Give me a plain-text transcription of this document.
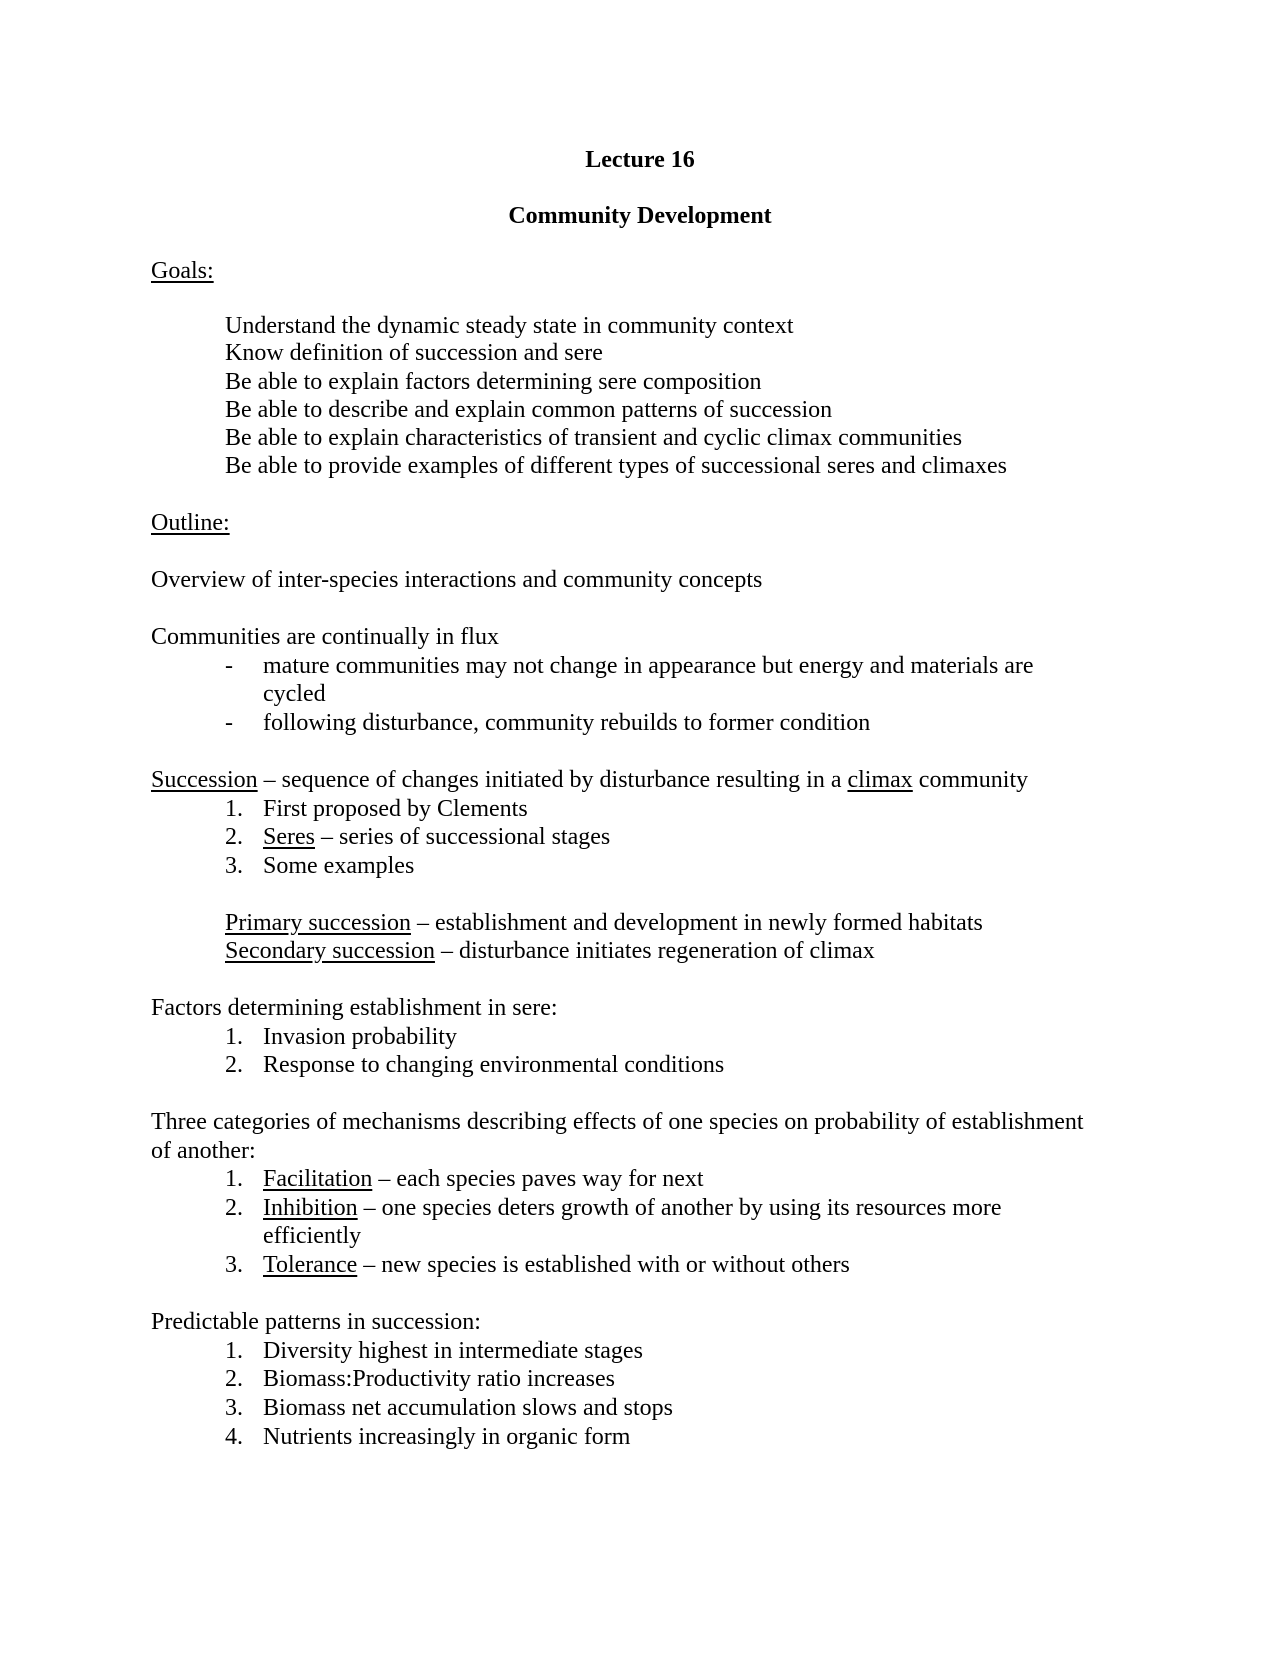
Lecture 16
Community Development
Goals:
Understand the dynamic steady state in community context
Know definition of succession and sere
Be able to explain factors determining sere composition
Be able to describe and explain common patterns of succession
Be able to explain characteristics of transient and cyclic climax communities
Be able to provide examples of different types of successional seres and climaxes
Outline:
Overview of inter-species interactions and community concepts
Communities are continually in flux
- mature communities may not change in appearance but energy and materials are
cycled
- following disturbance, community rebuilds to former condition
Succession – sequence of changes initiated by disturbance resulting in a climax community
1. First proposed by Clements
2. Seres – series of successional stages
3. Some examples
Primary succession – establishment and development in newly formed habitats
Secondary succession – disturbance initiates regeneration of climax
Factors determining establishment in sere:
1. Invasion probability
2. Response to changing environmental conditions
Three categories of mechanisms describing effects of one species on probability of establishment
of another:
1. Facilitation – each species paves way for next
2. Inhibition – one species deters growth of another by using its resources more
efficiently
3. Tolerance – new species is established with or without others
Predictable patterns in succession:
1. Diversity highest in intermediate stages
2. Biomass:Productivity ratio increases
3. Biomass net accumulation slows and stops
4. Nutrients increasingly in organic form
